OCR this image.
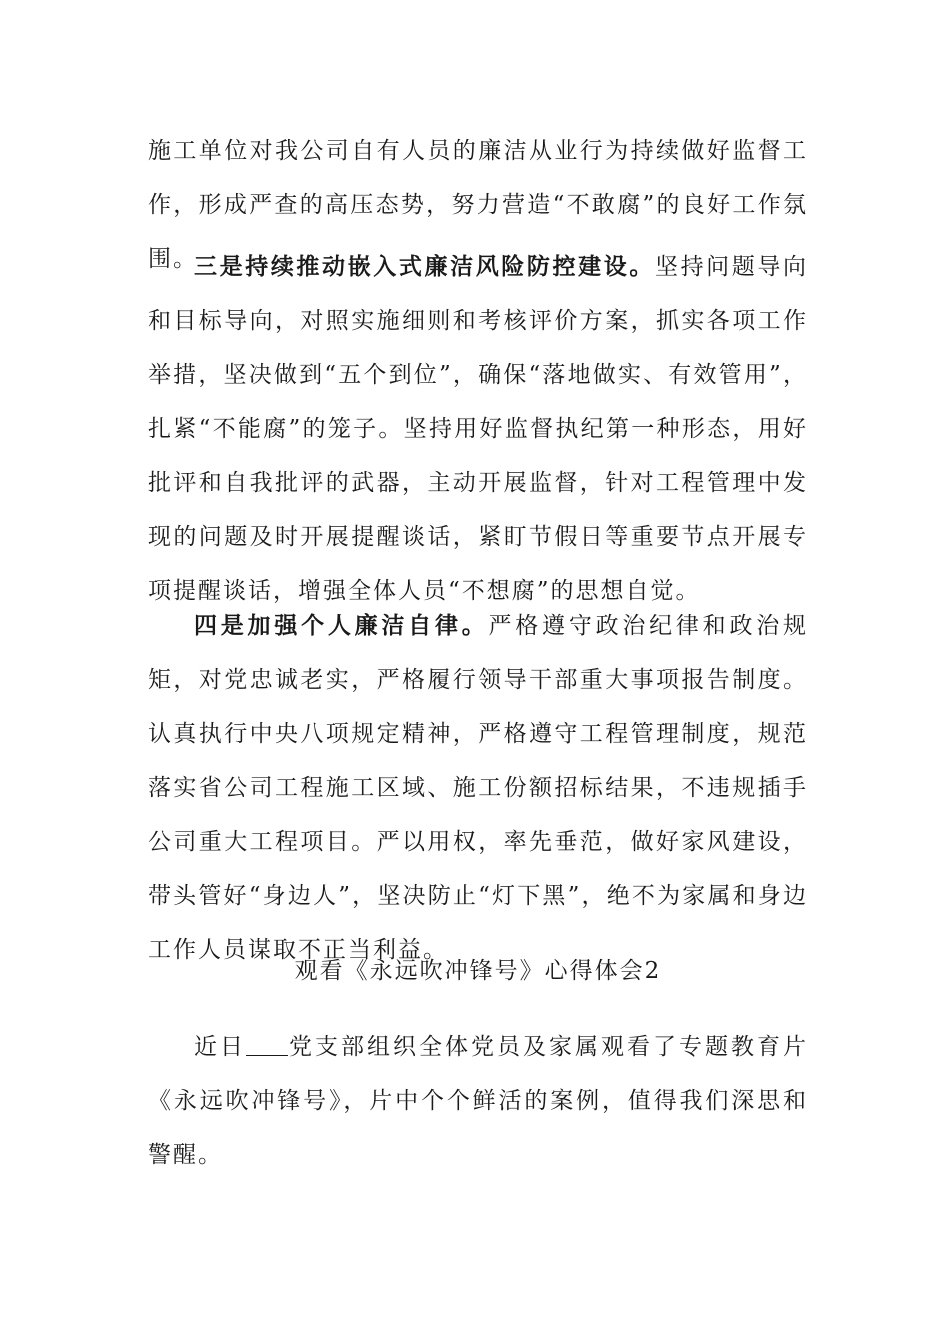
施工单位对我公司自有人员的廉洁从业行为持续做好监督工作，形成严查的高压态势，努力营造“不敢腐”的良好工作氛围。

三是持续推动嵌入式廉洁风险防控建设。坚持问题导向和目标导向，对照实施细则和考核评价方案，抓实各项工作举措，坚决做到“五个到位”，确保“落地做实、有效管用”，扎紧“不能腐”的笼子。坚持用好监督执纪第一种形态，用好批评和自我批评的武器，主动开展监督，针对工程管理中发现的问题及时开展提醒谈话，紧盯节假日等重要节点开展专项提醒谈话，增强全体人员“不想腐”的思想自觉。

四是加强个人廉洁自律。严格遵守政治纪律和政治规矩，对党忠诚老实，严格履行领导干部重大事项报告制度。认真执行中央八项规定精神，严格遵守工程管理制度，规范落实省公司工程施工区域、施工份额招标结果，不违规插手公司重大工程项目。严以用权，率先垂范，做好家风建设，带头管好“身边人”，坚决防止“灯下黑”，绝不为家属和身边工作人员谋取不正当利益。

观看《永远吹冲锋号》心得体会2

近日 党支部组织全体党员及家属观看了专题教育片《永远吹冲锋号》，片中个个鲜活的案例，值得我们深思和警醒。
